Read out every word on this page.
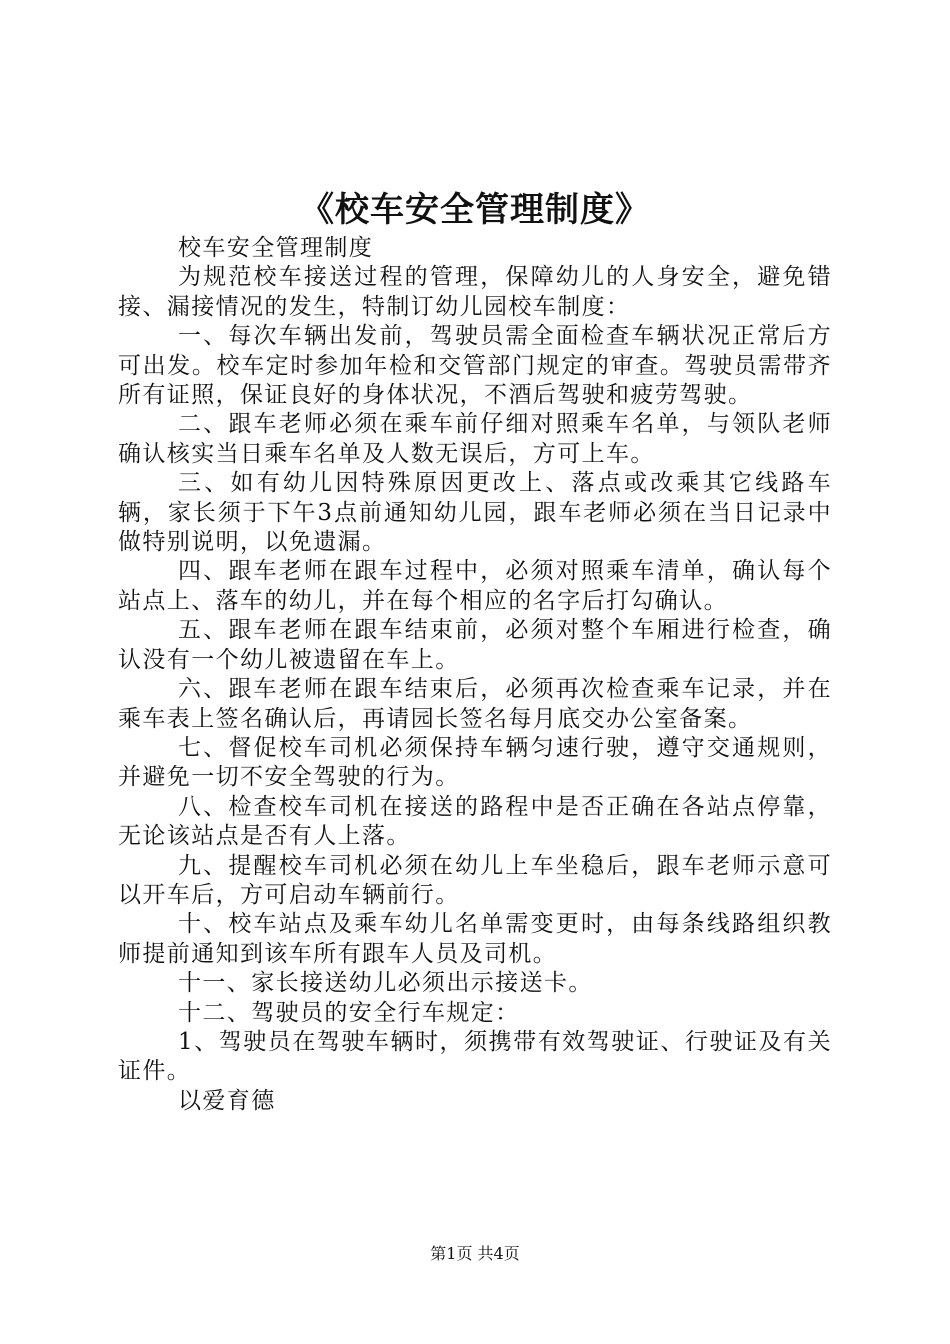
《校车安全管理制度》

校车安全管理制度

为规范校车接送过程的管理，保障幼儿的人身安全，避免错接、漏接情况的发生，特制订幼儿园校车制度：

一、每次车辆出发前，驾驶员需全面检查车辆状况正常后方可出发。校车定时参加年检和交管部门规定的审查。驾驶员需带齐所有证照，保证良好的身体状况，不酒后驾驶和疲劳驾驶。

二、跟车老师必须在乘车前仔细对照乘车名单，与领队老师确认核实当日乘车名单及人数无误后，方可上车。

三、如有幼儿因特殊原因更改上、落点或改乘其它线路车辆，家长须于下午3点前通知幼儿园，跟车老师必须在当日记录中做特别说明，以免遗漏。

四、跟车老师在跟车过程中，必须对照乘车清单，确认每个站点上、落车的幼儿，并在每个相应的名字后打勾确认。

五、跟车老师在跟车结束前，必须对整个车厢进行检查，确认没有一个幼儿被遗留在车上。

六、跟车老师在跟车结束后，必须再次检查乘车记录，并在乘车表上签名确认后，再请园长签名每月底交办公室备案。

七、督促校车司机必须保持车辆匀速行驶，遵守交通规则，并避免一切不安全驾驶的行为。

八、检查校车司机在接送的路程中是否正确在各站点停靠，无论该站点是否有人上落。

九、提醒校车司机必须在幼儿上车坐稳后，跟车老师示意可以开车后，方可启动车辆前行。

十、校车站点及乘车幼儿名单需变更时，由每条线路组织教师提前通知到该车所有跟车人员及司机。

十一、家长接送幼儿必须出示接送卡。

十二、驾驶员的安全行车规定：

1、驾驶员在驾驶车辆时，须携带有效驾驶证、行驶证及有关证件。

以爱育德

第1页 共4页
